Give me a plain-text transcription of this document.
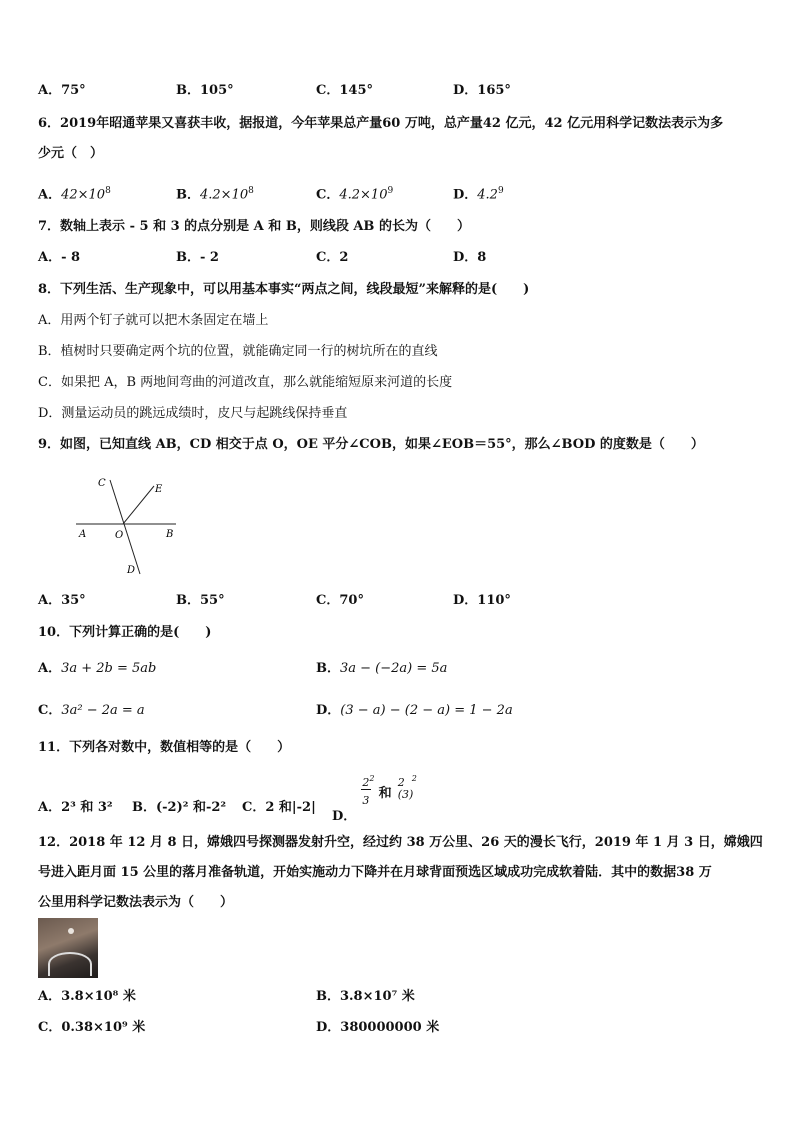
A．75°	B．105°	C．145°	D．165°
6．2019年昭通苹果又喜获丰收，据报道，今年苹果总产量60 万吨，总产量42 亿元，42 亿元用科学记数法表示为多
少元（　）
A．$42\times 10^8$	B．$4.2\times 10^8$	C．$4.2\times 10^9$	D．$4.2^9$
7．数轴上表示 - 5 和 3 的点分别是 A 和 B，则线段 AB 的长为（　　）
A．- 8	B．- 2	C．2	D．8
8．下列生活、生产现象中，可以用基本事实“两点之间，线段最短”来解释的是(　　)
A．用两个钉子就可以把木条固定在墙上
B．植树时只要确定两个坑的位置，就能确定同一行的树坑所在的直线
C．如果把 A，B 两地间弯曲的河道改直，那么就能缩短原来河道的长度
D．测量运动员的跳远成绩时，皮尺与起跳线保持垂直
9．如图，已知直线 AB，CD 相交于点 O，OE 平分∠COB，如果∠EOB＝55°，那么∠BOD 的度数是（　　）
C
E
A	O	B
D
A．35°	B．55°	C．70°	D．110°
10．下列计算正确的是(　　)
A．3a + 2b = 5ab	B．3a − (−2a) = 5a
C．3a² − 2a = a	D．(3 − a) − (2 − a) = 1 − 2a
11．下列各对数中，数值相等的是（　　）
A．2³ 和 3² B．(-2)² 和-2² C．2 和|-2|
D．
2 2
3 和
2 2
(3)
12．2018 年 12 月 8 日，嫦娥四号探测器发射升空，经过约 38 万公里、26 天的漫长飞行，2019 年 1 月 3 日，嫦娥四
号进入距月面 15 公里的落月准备轨道，开始实施动力下降并在月球背面预选区域成功完成软着陆．其中的数据38 万
公里用科学记数法表示为（　　）
A．3.8×10⁸ 米	B．3.8×10⁷ 米
C．0.38×10⁹ 米	D．380000000 米
